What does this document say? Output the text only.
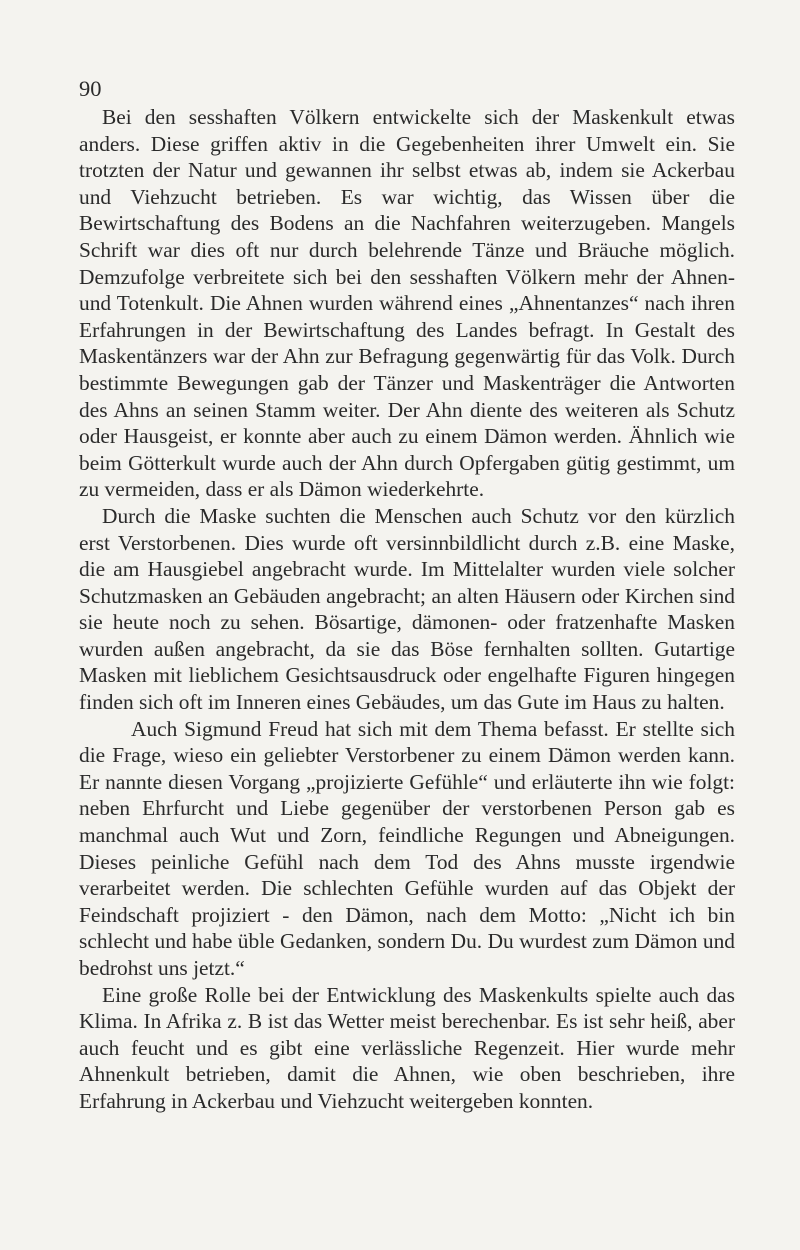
90

Bei den sesshaften Völkern entwickelte sich der Maskenkult etwas anders. Diese griffen aktiv in die Gegebenheiten ihrer Umwelt ein. Sie trotzten der Natur und gewannen ihr selbst etwas ab, indem sie Ackerbau und Viehzucht betrieben. Es war wichtig, das Wissen über die Bewirtschaftung des Bodens an die Nachfahren weiterzugeben. Mangels Schrift war dies oft nur durch belehrende Tänze und Bräuche möglich. Demzufolge verbreitete sich bei den sesshaften Völkern mehr der Ahnen- und Totenkult. Die Ahnen wurden während eines „Ahnentanzes“ nach ihren Erfahrungen in der Bewirtschaftung des Landes befragt. In Gestalt des Maskentänzers war der Ahn zur Befragung gegenwärtig für das Volk. Durch bestimmte Bewegungen gab der Tänzer und Maskenträger die Antworten des Ahns an seinen Stamm weiter. Der Ahn diente des weiteren als Schutz oder Hausgeist, er konnte aber auch zu einem Dämon werden. Ähnlich wie beim Götterkult wurde auch der Ahn durch Opfergaben gütig gestimmt, um zu vermeiden, dass er als Dämon wiederkehrte.

Durch die Maske suchten die Menschen auch Schutz vor den kürzlich erst Verstorbenen. Dies wurde oft versinnbildlicht durch z.B. eine Maske, die am Hausgiebel angebracht wurde. Im Mittelalter wurden viele solcher Schutzmasken an Gebäuden angebracht; an alten Häusern oder Kirchen sind sie heute noch zu sehen. Bösartige, dämonen- oder fratzenhafte Masken wurden außen angebracht, da sie das Böse fernhalten sollten. Gutartige Masken mit lieblichem Gesichtsausdruck oder engelhafte Figuren hingegen finden sich oft im Inneren eines Gebäudes, um das Gute im Haus zu halten.

Auch Sigmund Freud hat sich mit dem Thema befasst. Er stellte sich die Frage, wieso ein geliebter Verstorbener zu einem Dämon werden kann. Er nannte diesen Vorgang „projizierte Gefühle“ und erläuterte ihn wie folgt: neben Ehrfurcht und Liebe gegenüber der verstorbenen Person gab es manchmal auch Wut und Zorn, feindliche Regungen und Abneigungen. Dieses peinliche Gefühl nach dem Tod des Ahns musste irgendwie verarbeitet werden. Die schlechten Gefühle wurden auf das Objekt der Feindschaft projiziert - den Dämon, nach dem Motto: „Nicht ich bin schlecht und habe üble Gedanken, sondern Du. Du wurdest zum Dämon und bedrohst uns jetzt.“

Eine große Rolle bei der Entwicklung des Maskenkults spielte auch das Klima. In Afrika z. B ist das Wetter meist berechenbar. Es ist sehr heiß, aber auch feucht und es gibt eine verlässliche Regenzeit. Hier wurde mehr Ahnenkult betrieben, damit die Ahnen, wie oben beschrieben, ihre Erfahrung in Ackerbau und Viehzucht weitergeben konnten.
